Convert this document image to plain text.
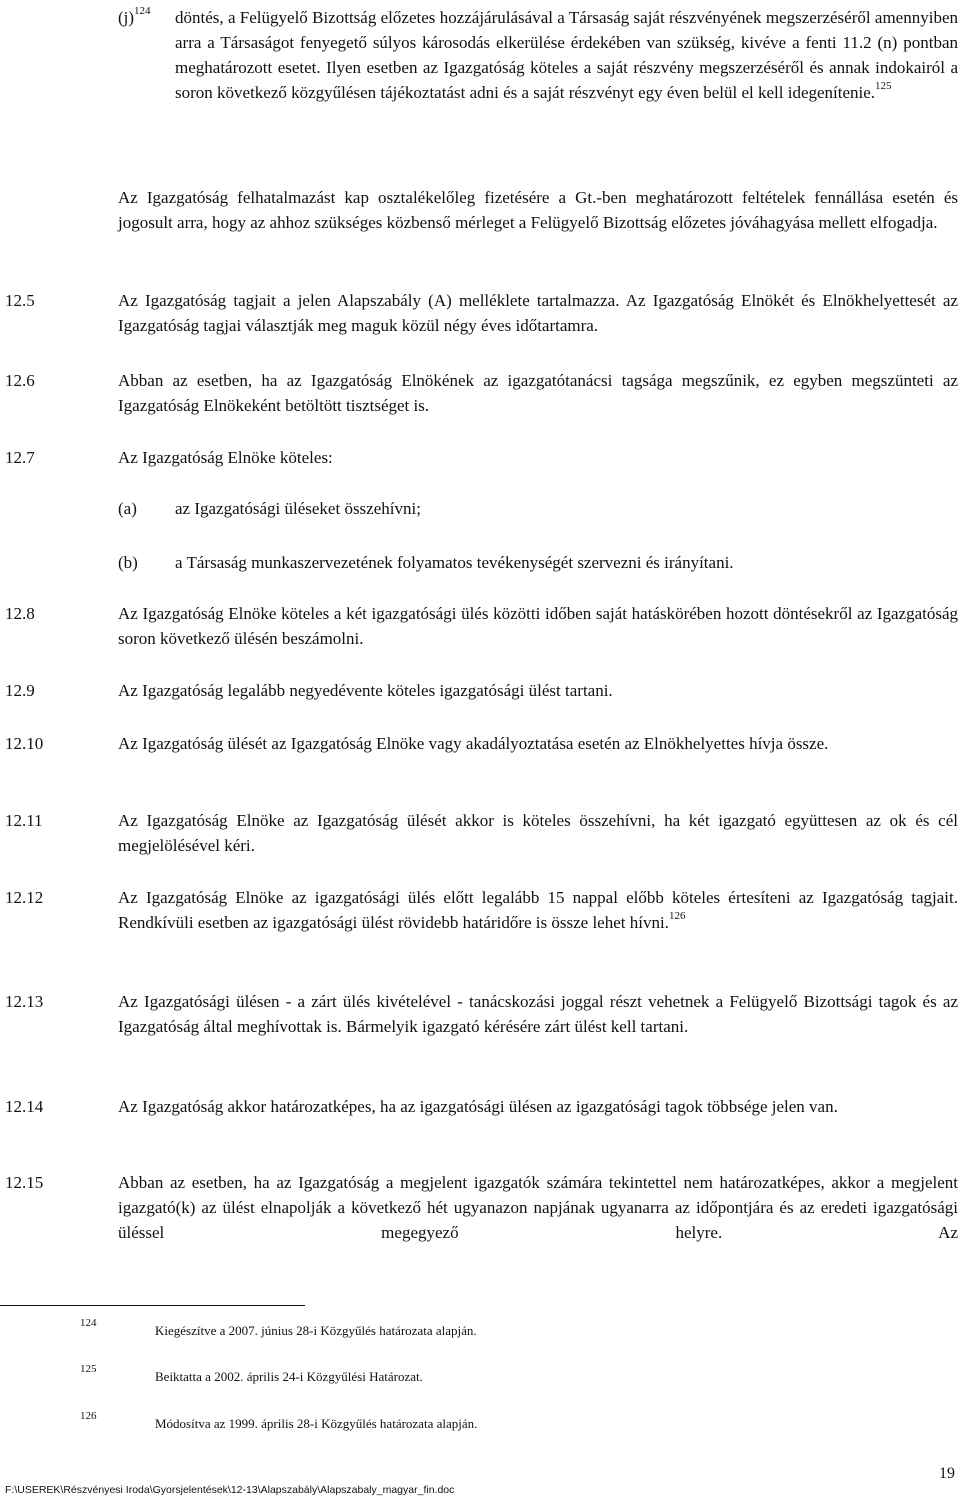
$(j)^{124}$ döntés, a Felügyelő Bizottság előzetes hozzájárulásával a Társaság saját részvényének megszerzéséről amennyiben arra a Társaságot fenyegető súlyos károsodás elkerülése érdekében van szükség, kivéve a fenti 11.2 (n) pontban meghatározott esetet. Ilyen esetben az Igazgatóság köteles a saját részvény megszerzéséről és annak indokairól a soron következő közgyűlésen tájékoztatást adni és a saját részvényt egy éven belül el kell idegenítenie.$^{125}$

Az Igazgatóság felhatalmazást kap osztalékelőleg fizetésére a Gt.-ben meghatározott feltételek fennállása esetén és jogosult arra, hogy az ahhoz szükséges közbenső mérleget a Felügyelő Bizottság előzetes jóváhagyása mellett elfogadja.

12.5	Az Igazgatóság tagjait a jelen Alapszabály (A) melléklete tartalmazza. Az Igazgatóság Elnökét és Elnökhelyettesét az Igazgatóság tagjai választják meg maguk közül négy éves időtartamra.

12.6	Abban az esetben, ha az Igazgatóság Elnökének az igazgatótanácsi tagsága megszűnik, ez egyben megszünteti az Igazgatóság Elnökeként betöltött tisztséget is.

12.7	Az Igazgatóság Elnöke köteles:

(a) az Igazgatósági üléseket összehívni;

(b) a Társaság munkaszervezetének folyamatos tevékenységét szervezni és irányítani.

12.8	Az Igazgatóság Elnöke köteles a két igazgatósági ülés közötti időben saját hatáskörében hozott döntésekről az Igazgatóság soron következő ülésén beszámolni.

12.9	Az Igazgatóság legalább negyedévente köteles igazgatósági ülést tartani.

12.10	Az Igazgatóság ülését az Igazgatóság Elnöke vagy akadályoztatása esetén az Elnökhelyettes hívja össze.

12.11	Az Igazgatóság Elnöke az Igazgatóság ülését akkor is köteles összehívni, ha két igazgató együttesen az ok és cél megjelölésével kéri.

12.12	Az Igazgatóság Elnöke az igazgatósági ülés előtt legalább 15 nappal előbb köteles értesíteni az Igazgatóság tagjait. Rendkívüli esetben az igazgatósági ülést rövidebb határidőre is össze lehet hívni.$^{126}$

12.13	Az Igazgatósági ülésen - a zárt ülés kivételével - tanácskozási joggal részt vehetnek a Felügyelő Bizottsági tagok és az Igazgatóság által meghívottak is. Bármelyik igazgató kérésére zárt ülést kell tartani.

12.14	Az Igazgatóság akkor határozatképes, ha az igazgatósági ülésen az igazgatósági tagok többsége jelen van.

12.15	Abban az esetben, ha az Igazgatóság a megjelent igazgatók számára tekintettel nem határozatképes, akkor a megjelent igazgató(k) az ülést elnapolják a következő hét ugyanazon napjának ugyanarra az időpontjára és az eredeti igazgatósági üléssel megegyező helyre. Az

124	Kiegészítve a 2007. június 28-i Közgyűlés határozata alapján.
125	Beiktatta a 2002. április 24-i Közgyűlési Határozat.
126	Módosítva az 1999. április 28-i Közgyűlés határozata alapján.
19
F:\USEREK\Részvényesi Iroda\Gyorsjelentések\12-13\Alapszabály\Alapszabaly_magyar_fin.doc
